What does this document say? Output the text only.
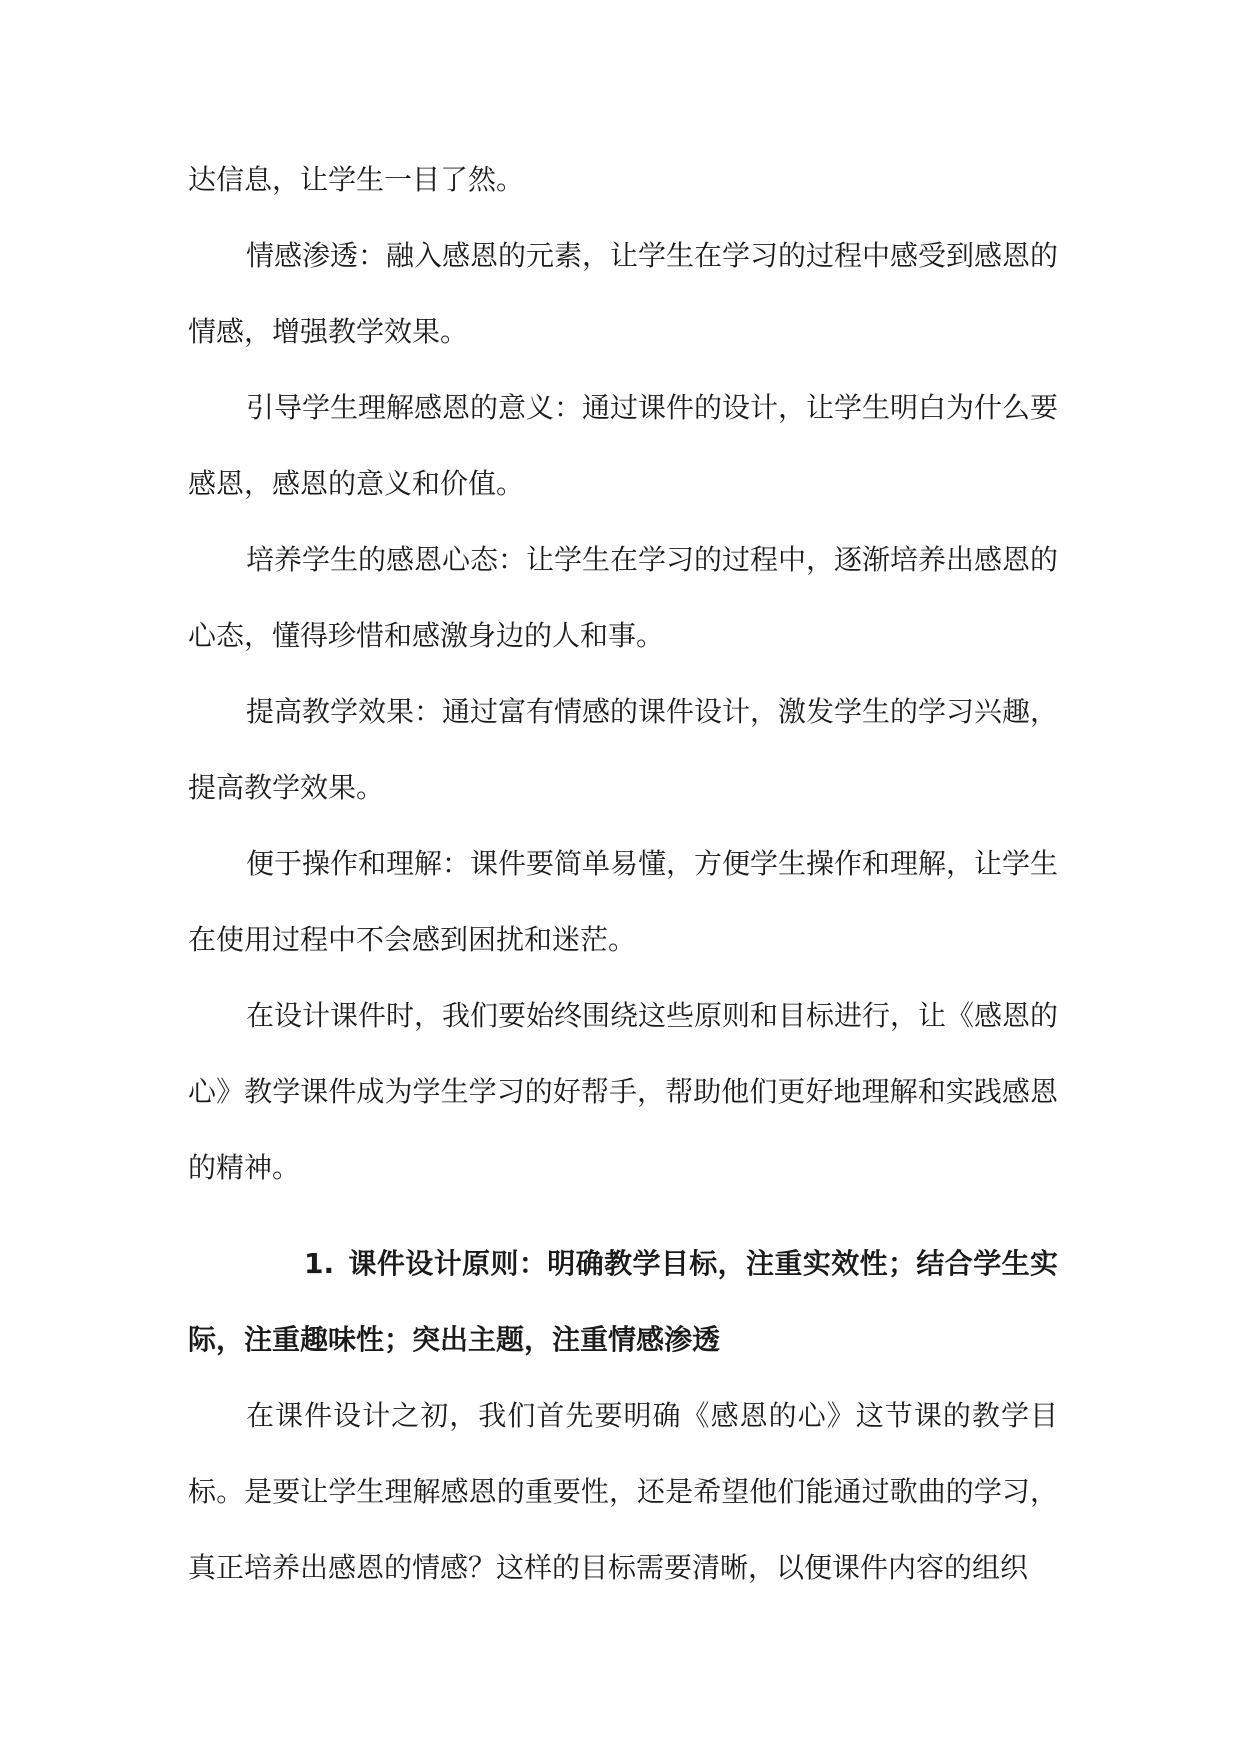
达信息，让学生一目了然。

情感渗透：融入感恩的元素，让学生在学习的过程中感受到感恩的情感，增强教学效果。

引导学生理解感恩的意义：通过课件的设计，让学生明白为什么要感恩，感恩的意义和价值。

培养学生的感恩心态：让学生在学习的过程中，逐渐培养出感恩的心态，懂得珍惜和感激身边的人和事。

提高教学效果：通过富有情感的课件设计，激发学生的学习兴趣，提高教学效果。

便于操作和理解：课件要简单易懂，方便学生操作和理解，让学生在使用过程中不会感到困扰和迷茫。

在设计课件时，我们要始终围绕这些原则和目标进行，让《感恩的心》教学课件成为学生学习的好帮手，帮助他们更好地理解和实践感恩的精神。

1. 课件设计原则：明确教学目标，注重实效性；结合学生实际，注重趣味性；突出主题，注重情感渗透

在课件设计之初，我们首先要明确《感恩的心》这节课的教学目标。是要让学生理解感恩的重要性，还是希望他们能通过歌曲的学习，真正培养出感恩的情感？这样的目标需要清晰，以便课件内容的组织
